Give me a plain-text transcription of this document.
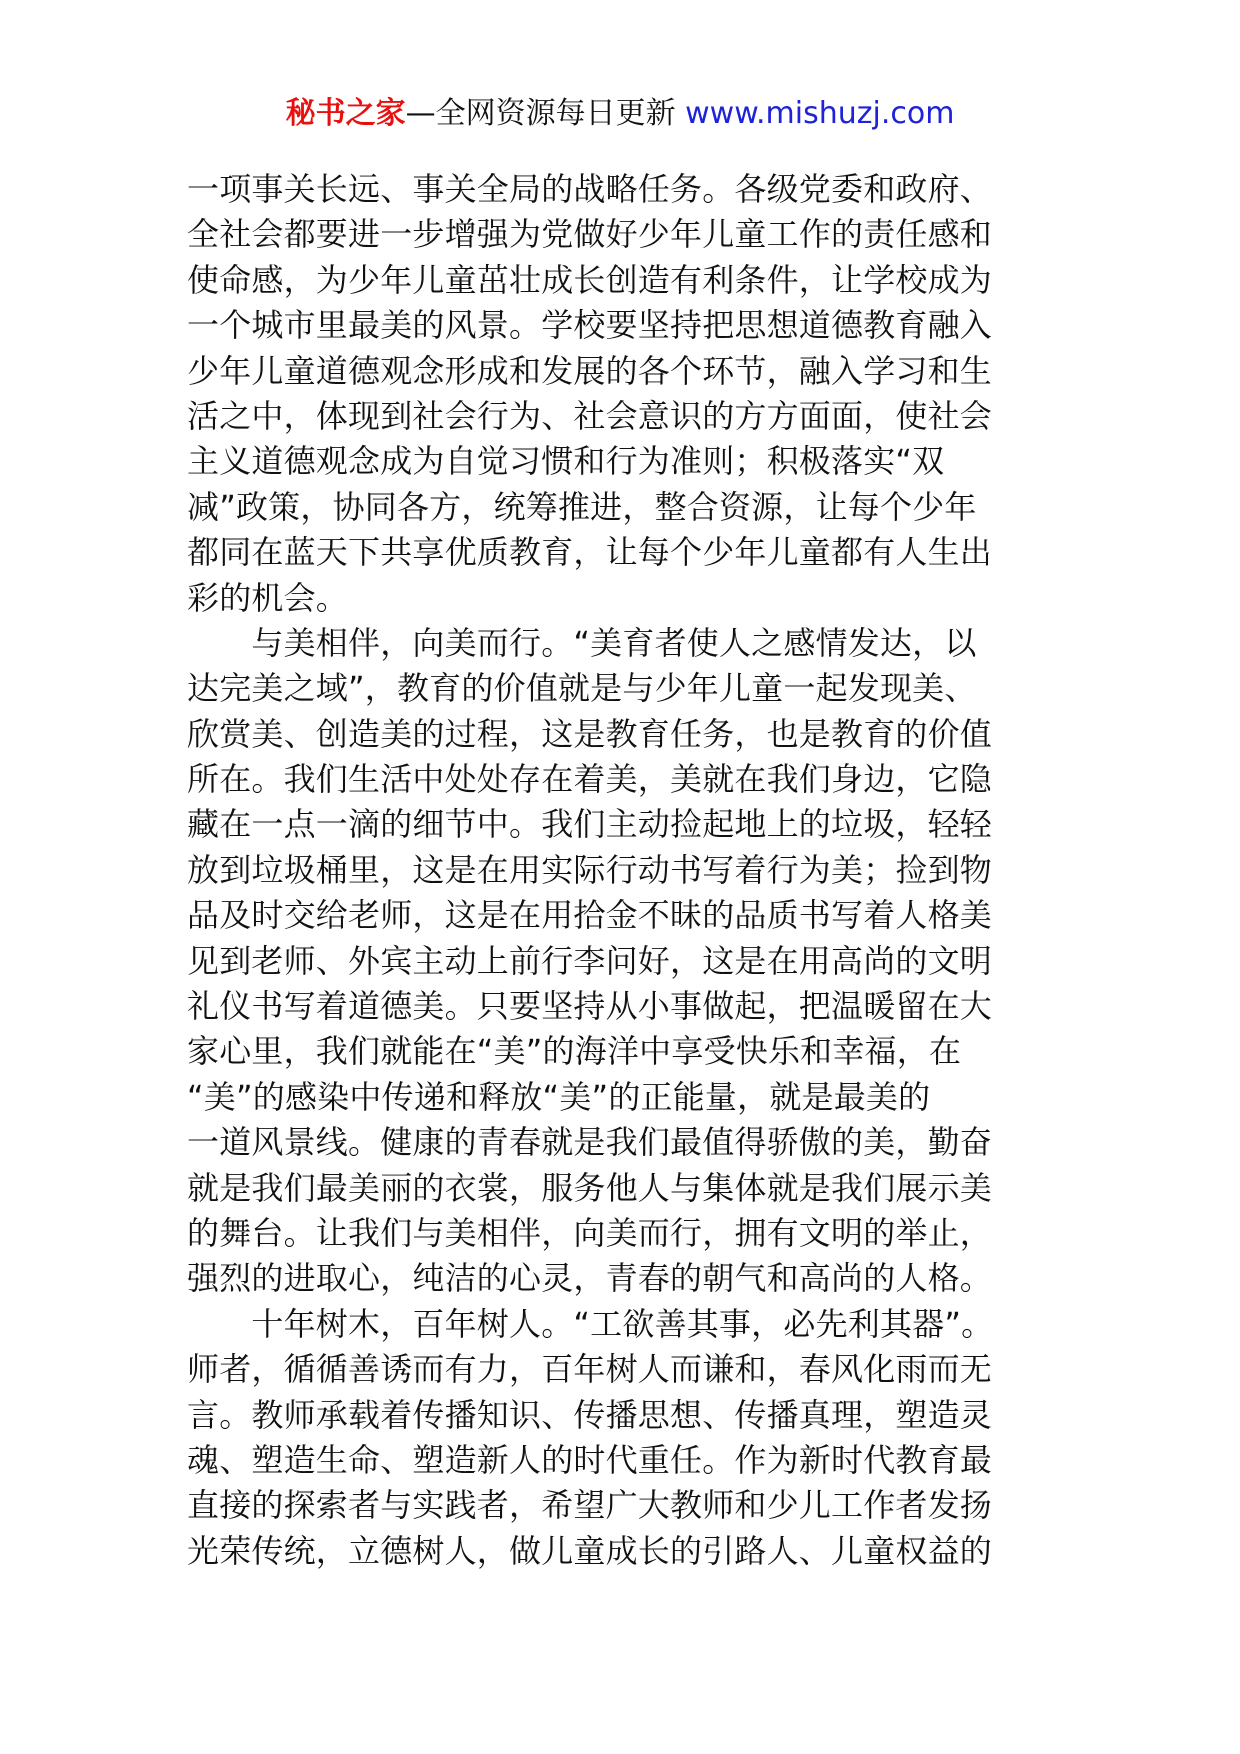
秘书之家—全网资源每日更新 www.mishuzj.com
一项事关长远、事关全局的战略任务。各级党委和政府、
全社会都要进一步增强为党做好少年儿童工作的责任感和
使命感，为少年儿童茁壮成长创造有利条件，让学校成为
一个城市里最美的风景。学校要坚持把思想道德教育融入
少年儿童道德观念形成和发展的各个环节，融入学习和生
活之中，体现到社会行为、社会意识的方方面面，使社会
主义道德观念成为自觉习惯和行为准则；积极落实“双
减”政策，协同各方，统筹推进，整合资源，让每个少年
都同在蓝天下共享优质教育，让每个少年儿童都有人生出
彩的机会。
　　与美相伴，向美而行。“美育者使人之感情发达，以
达完美之域”，教育的价值就是与少年儿童一起发现美、
欣赏美、创造美的过程，这是教育任务，也是教育的价值
所在。我们生活中处处存在着美，美就在我们身边，它隐
藏在一点一滴的细节中。我们主动捡起地上的垃圾，轻轻
放到垃圾桶里，这是在用实际行动书写着行为美；捡到物
品及时交给老师，这是在用拾金不昧的品质书写着人格美
见到老师、外宾主动上前行李问好，这是在用高尚的文明
礼仪书写着道德美。只要坚持从小事做起，把温暖留在大
家心里，我们就能在“美”的海洋中享受快乐和幸福，在
“美”的感染中传递和释放“美”的正能量，就是最美的
一道风景线。健康的青春就是我们最值得骄傲的美，勤奋
就是我们最美丽的衣裳，服务他人与集体就是我们展示美
的舞台。让我们与美相伴，向美而行，拥有文明的举止，
强烈的进取心，纯洁的心灵，青春的朝气和高尚的人格。
　　十年树木，百年树人。“工欲善其事，必先利其器”。
师者，循循善诱而有力，百年树人而谦和，春风化雨而无
言。教师承载着传播知识、传播思想、传播真理，塑造灵
魂、塑造生命、塑造新人的时代重任。作为新时代教育最
直接的探索者与实践者，希望广大教师和少儿工作者发扬
光荣传统，立德树人，做儿童成长的引路人、儿童权益的
